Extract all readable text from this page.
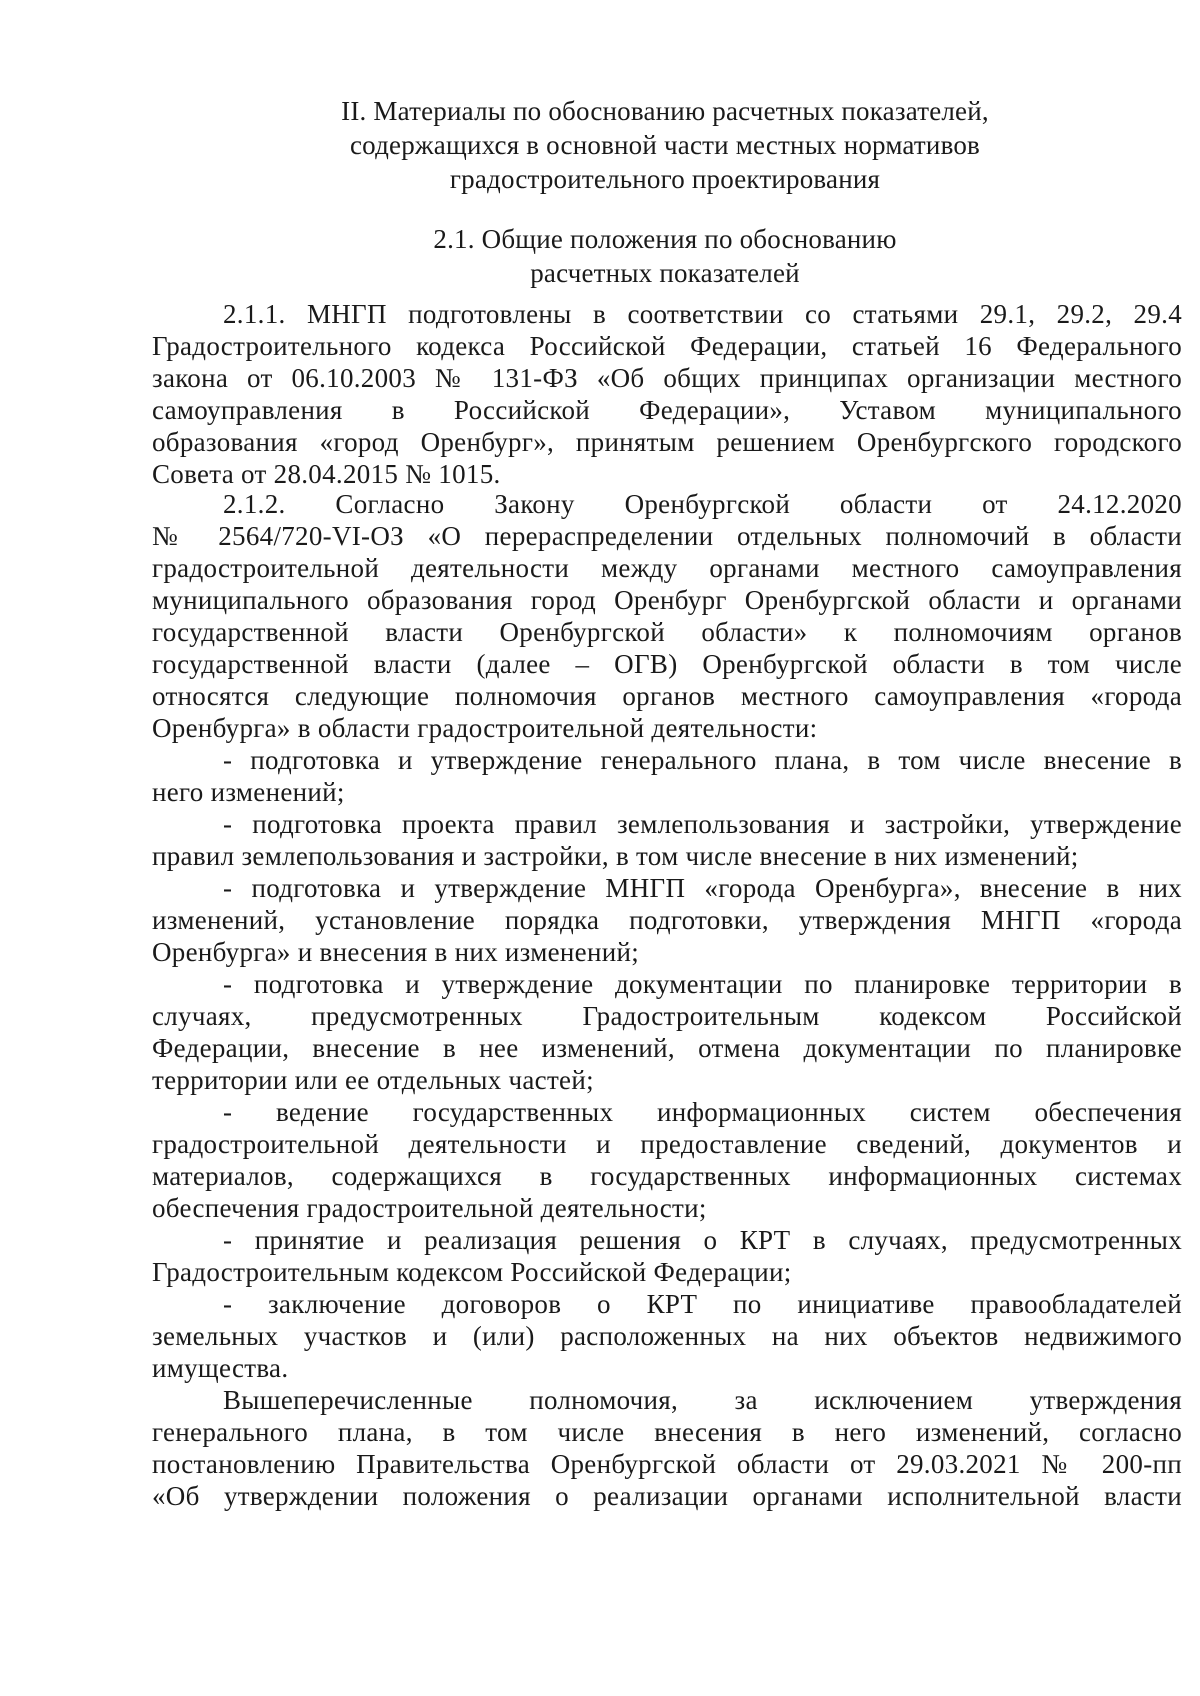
II. Материалы по обоснованию расчетных показателей,
содержащихся в основной части местных нормативов
градостроительного проектирования
2.1. Общие положения по обоснованию
расчетных показателей
2.1.1. МНГП подготовлены в соответствии со статьями 29.1, 29.2, 29.4
Градостроительного кодекса Российской Федерации, статьей 16 Федерального
закона от 06.10.2003 № 131-ФЗ «Об общих принципах организации местного
самоуправления в Российской Федерации», Уставом муниципального
образования «город Оренбург», принятым решением Оренбургского городского
Совета от 28.04.2015 № 1015.
2.1.2. Согласно Закону Оренбургской области от 24.12.2020
№ 2564/720-VI-ОЗ «О перераспределении отдельных полномочий в области
градостроительной деятельности между органами местного самоуправления
муниципального образования город Оренбург Оренбургской области и органами
государственной власти Оренбургской области» к полномочиям органов
государственной власти (далее – ОГВ) Оренбургской области в том числе
относятся следующие полномочия органов местного самоуправления «города
Оренбурга» в области градостроительной деятельности:
- подготовка и утверждение генерального плана, в том числе внесение в
него изменений;
- подготовка проекта правил землепользования и застройки, утверждение
правил землепользования и застройки, в том числе внесение в них изменений;
- подготовка и утверждение МНГП «города Оренбурга», внесение в них
изменений, установление порядка подготовки, утверждения МНГП «города
Оренбурга» и внесения в них изменений;
- подготовка и утверждение документации по планировке территории в
случаях, предусмотренных Градостроительным кодексом Российской
Федерации, внесение в нее изменений, отмена документации по планировке
территории или ее отдельных частей;
- ведение государственных информационных систем обеспечения
градостроительной деятельности и предоставление сведений, документов и
материалов, содержащихся в государственных информационных системах
обеспечения градостроительной деятельности;
- принятие и реализация решения о КРТ в случаях, предусмотренных
Градостроительным кодексом Российской Федерации;
- заключение договоров о КРТ по инициативе правообладателей
земельных участков и (или) расположенных на них объектов недвижимого
имущества.
Вышеперечисленные полномочия, за исключением утверждения
генерального плана, в том числе внесения в него изменений, согласно
постановлению Правительства Оренбургской области от 29.03.2021 № 200-пп
«Об утверждении положения о реализации органами исполнительной власти
